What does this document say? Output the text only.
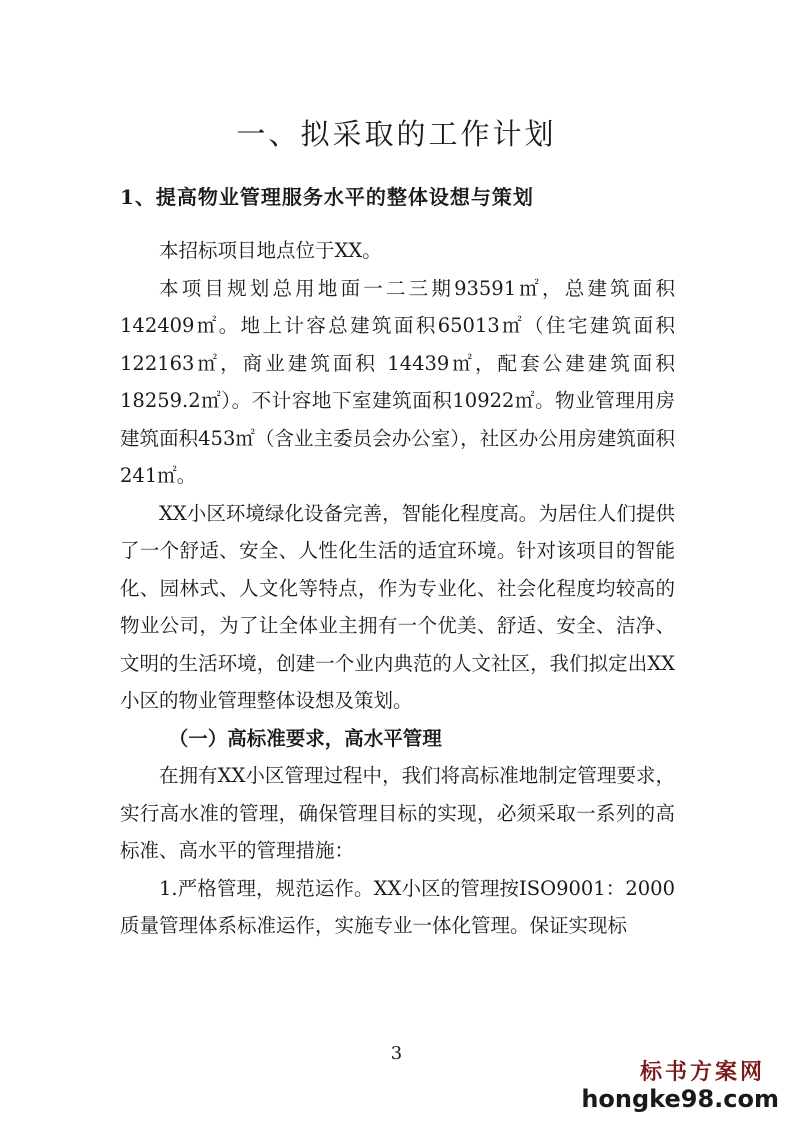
一、拟采取的工作计划
1、提高物业管理服务水平的整体设想与策划

本招标项目地点位于XX。

本项目规划总用地面一二三期93591㎡，总建筑面积142409㎡。地上计容总建筑面积65013㎡（住宅建筑面积122163㎡，商业建筑面积 14439㎡，配套公建建筑面积18259.2㎡）。不计容地下室建筑面积10922㎡。物业管理用房建筑面积453㎡（含业主委员会办公室），社区办公用房建筑面积241㎡。

XX小区环境绿化设备完善，智能化程度高。为居住人们提供了一个舒适、安全、人性化生活的适宜环境。针对该项目的智能化、园林式、人文化等特点，作为专业化、社会化程度均较高的物业公司，为了让全体业主拥有一个优美、舒适、安全、洁净、文明的生活环境，创建一个业内典范的人文社区，我们拟定出XX小区的物业管理整体设想及策划。

（一）高标准要求，高水平管理

在拥有XX小区管理过程中，我们将高标准地制定管理要求，实行高水准的管理，确保管理目标的实现，必须采取一系列的高标准、高水平的管理措施：

1.严格管理，规范运作。XX小区的管理按ISO9001：2000质量管理体系标准运作，实施专业一体化管理。保证实现标

3
标书方案网
hongke98.com
